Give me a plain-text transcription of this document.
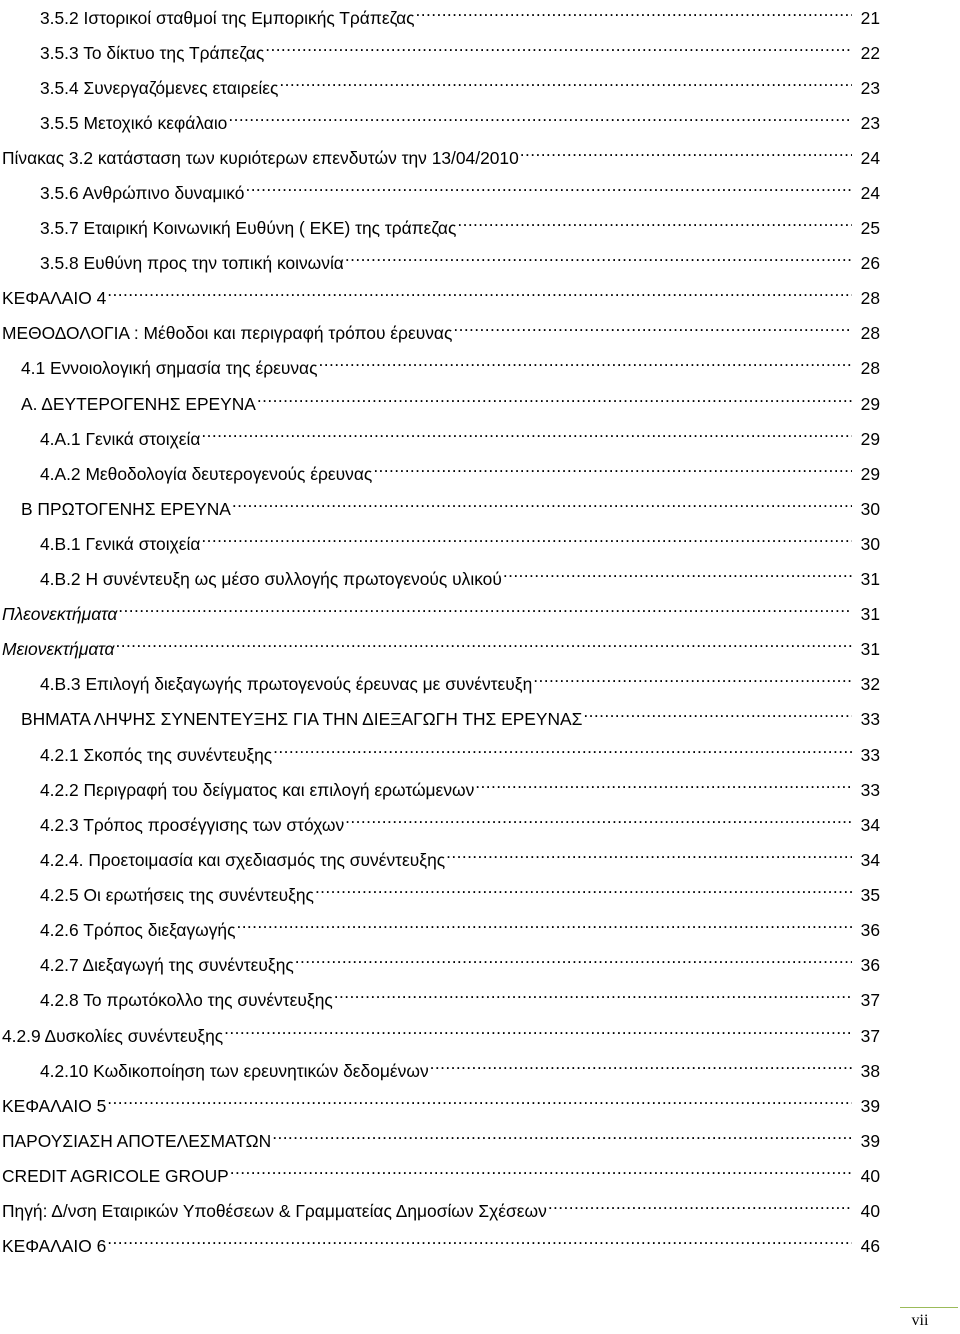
3.5.2 Ιστορικοί σταθμοί της Εμπορικής Τράπεζας .....	21
3.5.3 Το δίκτυο της Τράπεζας .....	22
3.5.4 Συνεργαζόμενες εταιρείες .....	23
3.5.5 Μετοχικό κεφάλαιο .....	23
Πίνακας 3.2 κατάσταση των κυριότερων επενδυτών την 13/04/2010 .....	24
3.5.6 Ανθρώπινο δυναμικό .....	24
3.5.7 Εταιρική Κοινωνική Ευθύνη ( ΕΚΕ) της τράπεζας .....	25
3.5.8 Ευθύνη προς την τοπική κοινωνία .....	26
ΚΕΦΑΛΑΙΟ 4 .....	28
ΜΕΘΟΔΟΛΟΓΙΑ : Μέθοδοι και περιγραφή τρόπου έρευνας .....	28
4.1 Εννοιολογική σημασία της έρευνας .....	28
Α. ΔΕΥΤΕΡΟΓΕΝΗΣ ΕΡΕΥΝΑ .....	29
4.Α.1 Γενικά στοιχεία .....	29
4.Α.2 Μεθοδολογία δευτερογενούς έρευνας .....	29
Β ΠΡΩΤΟΓΕΝΗΣ ΕΡΕΥΝΑ .....	30
4.Β.1 Γενικά στοιχεία .....	30
4.Β.2 Η συνέντευξη ως μέσο συλλογής πρωτογενούς υλικού .....	31
Πλεονεκτήματα .....	31
Μειονεκτήματα .....	31
4.Β.3 Επιλογή διεξαγωγής πρωτογενούς έρευνας με συνέντευξη .....	32
ΒΗΜΑΤΑ ΛΗΨΗΣ ΣΥΝΕΝΤΕΥΞΗΣ ΓΙΑ ΤΗΝ ΔΙΕΞΑΓΩΓΗ ΤΗΣ ΕΡΕΥΝΑΣ .....	33
4.2.1 Σκοπός της συνέντευξης .....	33
4.2.2 Περιγραφή του δείγματος και επιλογή ερωτώμενων .....	33
4.2.3 Τρόπος προσέγγισης των στόχων .....	34
4.2.4. Προετοιμασία και σχεδιασμός της συνέντευξης .....	34
4.2.5 Οι ερωτήσεις της συνέντευξης .....	35
4.2.6 Τρόπος διεξαγωγής .....	36
4.2.7 Διεξαγωγή της συνέντευξης .....	36
4.2.8 Το πρωτόκολλο της συνέντευξης .....	37
4.2.9 Δυσκολίες συνέντευξης .....	37
4.2.10 Κωδικοποίηση των ερευνητικών δεδομένων .....	38
ΚΕΦΑΛΑΙΟ 5 .....	39
ΠΑΡΟΥΣΙΑΣΗ ΑΠΟΤΕΛΕΣΜΑΤΩΝ .....	39
CREDIT AGRICOLE GROUP .....	40
Πηγή: Δ/νση Εταιρικών Υποθέσεων & Γραμματείας Δημοσίων Σχέσεων .....	40
ΚΕΦΑΛΑΙΟ 6 .....	46
vii
